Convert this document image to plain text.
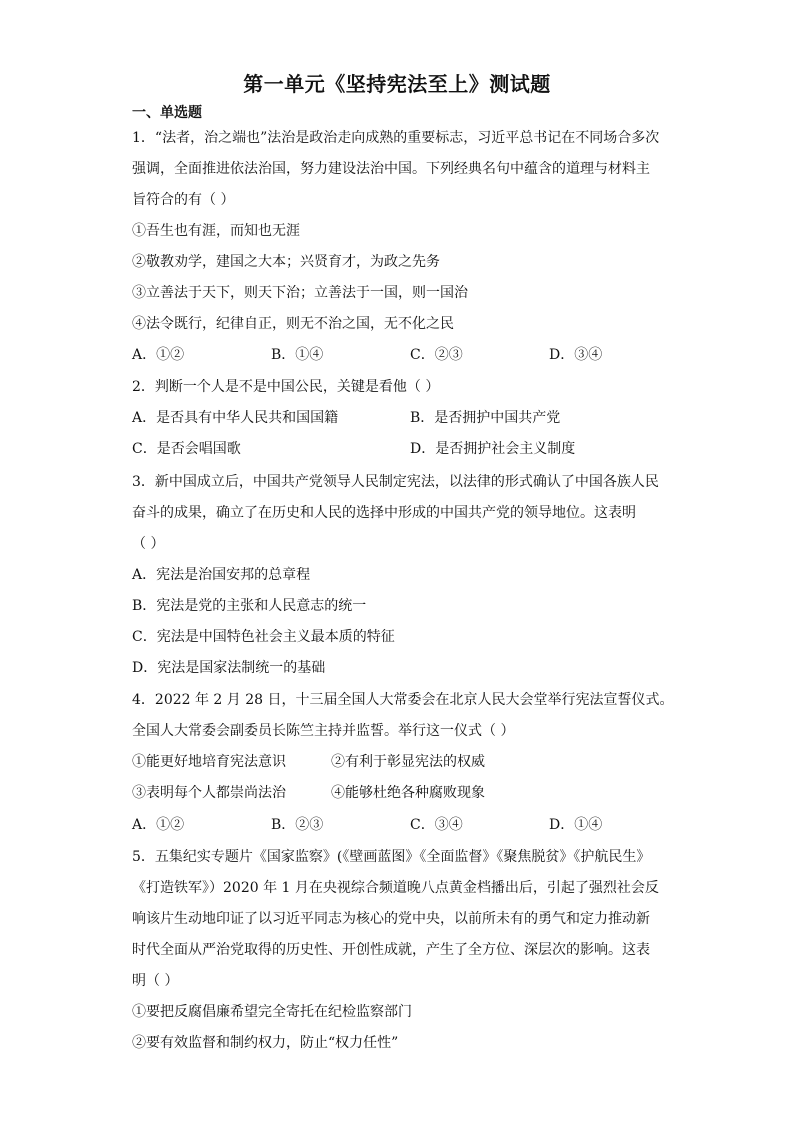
第一单元《坚持宪法至上》测试题
一、单选题
1．“法者，治之端也”法治是政治走向成熟的重要标志，习近平总书记在不同场合多次
强调，全面推进依法治国，努力建设法治中国。下列经典名句中蕴含的道理与材料主
旨符合的有（ ）
①吾生也有涯，而知也无涯
②敬教劝学，建国之大本；兴贤育才，为政之先务
③立善法于天下，则天下治；立善法于一国，则一国治
④法令既行，纪律自正，则无不治之国，无不化之民
A．①②	B．①④	C．②③	D．③④
2．判断一个人是不是中国公民，关键是看他（ ）
A．是否具有中华人民共和国国籍	B．是否拥护中国共产党
C．是否会唱国歌	D．是否拥护社会主义制度
3．新中国成立后，中国共产党领导人民制定宪法，以法律的形式确认了中国各族人民
奋斗的成果，确立了在历史和人民的选择中形成的中国共产党的领导地位。这表明
（ ）
A．宪法是治国安邦的总章程
B．宪法是党的主张和人民意志的统一
C．宪法是中国特色社会主义最本质的特征
D．宪法是国家法制统一的基础
4．2022 年 2 月 28 日，十三届全国人大常委会在北京人民大会堂举行宪法宣誓仪式。
全国人大常委会副委员长陈竺主持并监誓。举行这一仪式（ ）
①能更好地培育宪法意识	②有利于彰显宪法的权威
③表明每个人都崇尚法治	④能够杜绝各种腐败现象
A．①②	B．②③	C．③④	D．①④
5．五集纪实专题片《国家监察》(《壁画蓝图》《全面监督》《聚焦脱贫》《护航民生》
《打造铁军》）2020 年 1 月在央视综合频道晚八点黄金档播出后，引起了强烈社会反
响该片生动地印证了以习近平同志为核心的党中央，以前所未有的勇气和定力推动新
时代全面从严治党取得的历史性、开创性成就，产生了全方位、深层次的影响。这表
明（ ）
①要把反腐倡廉希望完全寄托在纪检监察部门
②要有效监督和制约权力，防止“权力任性”
